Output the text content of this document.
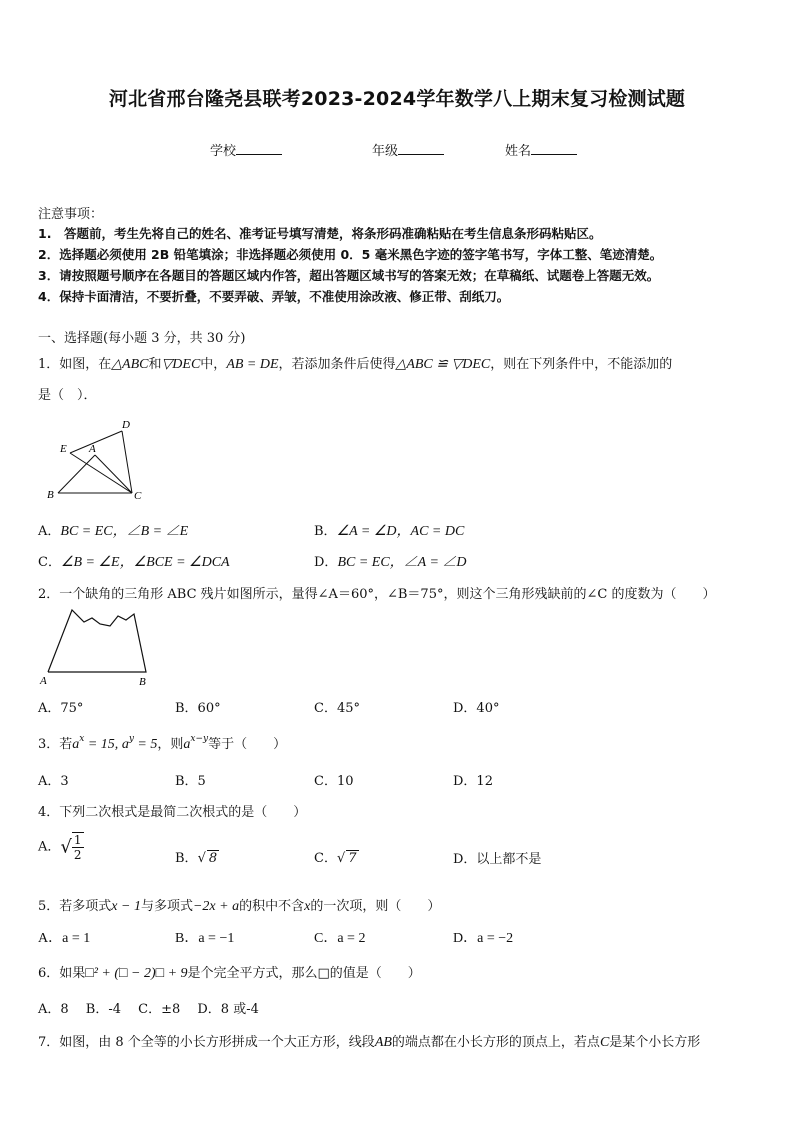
河北省邢台隆尧县联考2023-2024学年数学八上期末复习检测试题
学校	年级	姓名
注意事项：
1.　答题前，考生先将自己的姓名、准考证号填写清楚，将条形码准确粘贴在考生信息条形码粘贴区。
2．选择题必须使用 2B 铅笔填涂；非选择题必须使用 0．5 毫米黑色字迹的签字笔书写，字体工整、笔迹清楚。
3．请按照题号顺序在各题目的答题区域内作答，超出答题区域书写的答案无效；在草稿纸、试题卷上答题无效。
4．保持卡面清洁，不要折叠，不要弄破、弄皱，不准使用涂改液、修正带、刮纸刀。
一、选择题(每小题 3 分，共 30 分)
1．如图，在△ABC和▽DEC中，AB = DE，若添加条件后使得△ABC ≌ ▽DEC，则在下列条件中，不能添加的
是（　）．
D
E A
B	C
A．BC = EC，∠B = ∠E	B．∠A = ∠D，AC = DC
C．∠B = ∠E，∠BCE = ∠DCA	D．BC = EC，∠A = ∠D
2．一个缺角的三角形 ABC 残片如图所示，量得∠A＝60°，∠B＝75°，则这个三角形残缺前的∠C 的度数为（　　）
A	B
A．75°	B．60°	C．45°	D．40°
3．若$a^x = 15$, $a^y = 5$，则$a^{x-y}$等于（　　）
A．3	B．5	C．10	D．12
4．下列二次根式是最简二次根式的是（　　）
A．√ $\frac{1}{2}$	B．√ 8	C．√ 7	D．以上都不是
5．若多项式x − 1与多项式−2x + a的积中不含x的一次项，则（　　）
A．a = 1	B．a = −1	C．a = 2	D．a = −2
6．如果□² + (□ − 2)□ + 9是个完全平方式，那么□的值是（　　）
A．8　 B．-4　 C．±8　 D．8 或-4
7．如图，由 8 个全等的小长方形拼成一个大正方形，线段AB的端点都在小长方形的顶点上，若点C是某个小长方形
